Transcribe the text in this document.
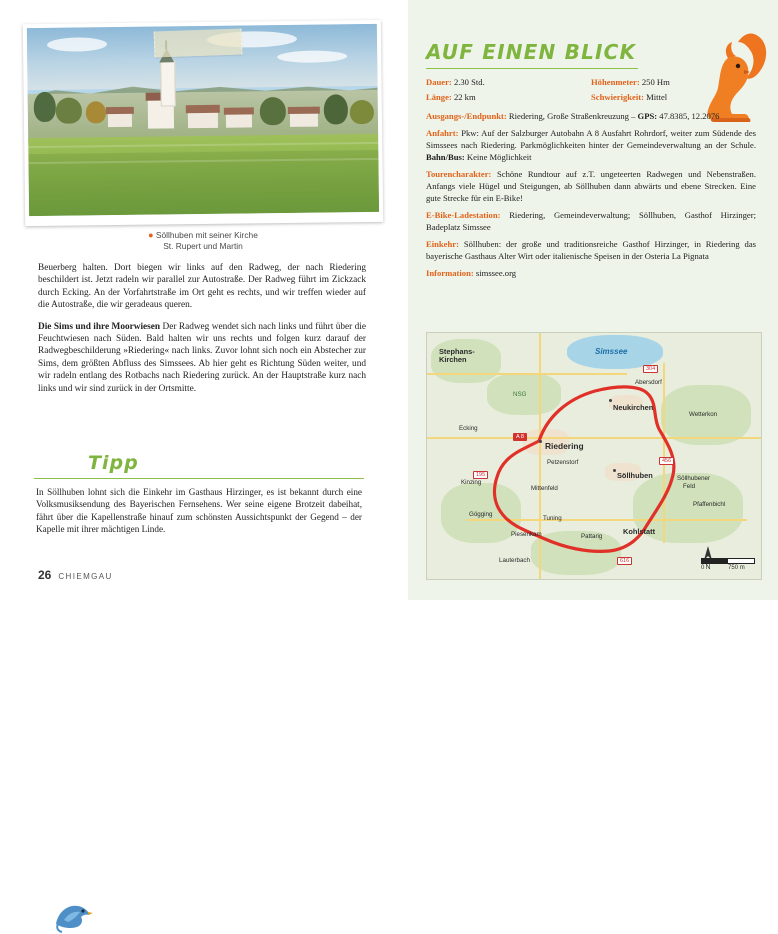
● Söllhuben mit seiner Kirche
St. Rupert und Martin

Beuerberg halten. Dort biegen wir links auf den Radweg, der nach Riedering beschildert ist. Jetzt radeln wir parallel zur Autostraße. Der Radweg führt im Zickzack durch Ecking. An der Vorfahrtstraße im Ort geht es rechts, und wir treffen wieder auf die Autostraße, die wir geradeaus queren.

Die Sims und ihre Moorwiesen Der Radweg wendet sich nach links und führt über die Feuchtwiesen nach Süden. Bald halten wir uns rechts und folgen kurz darauf der Radwegbeschilderung »Riedering« nach links. Zuvor lohnt sich noch ein Abstecher zur Sims, dem größten Abfluss des Simssees. Ab hier geht es Richtung Süden weiter, und wir radeln entlang des Rotbachs nach Riedering zurück. An der Hauptstraße kurz nach links und wir sind zurück in der Ortsmitte.

Tipp
In Söllhuben lohnt sich die Einkehr im Gasthaus Hirzinger, es ist bekannt durch eine Volksmusiksendung des Bayerischen Fernsehens. Wer seine eigene Brotzeit dabeihat, fährt über die Kapellenstraße hinauf zum schönsten Aussichtspunkt der Gegend – der Kapelle mit ihrer mächtigen Linde.
26 CHIEMGAU
AUF EINEN BLICK
Dauer: 2.30 Std.	Höhenmeter: 250 Hm
Länge: 22 km	Schwierigkeit: Mittel

Ausgangs-/Endpunkt: Riedering, Große Straßenkreuzung – GPS: 47.8385, 12.2076

Anfahrt: Pkw: Auf der Salzburger Autobahn A 8 Ausfahrt Rohrdorf, weiter zum Südende des Simssees nach Riedering. Parkmöglichkeiten hinter der Gemeindeverwaltung an der Schule. Bahn/Bus: Keine Möglichkeit

Tourencharakter: Schöne Rundtour auf z.T. ungeteerten Radwegen und Nebenstraßen. Anfangs viele Hügel und Steigungen, ab Söllhuben dann abwärts und ebene Strecken. Eine gute Strecke für ein E-Bike!

E-Bike-Ladestation: Riedering, Gemeindeverwaltung; Söllhuben, Gasthof Hirzinger; Badeplatz Simssee

Einkehr: Söllhuben: der große und traditionsreiche Gasthof Hirzinger, in Riedering das bayerische Gasthaus Alter Wirt oder italienische Speisen in der Osteria La Pignata

Information: simssee.org

A 8
304
456
195
616
Stephans-
Kirchen
Simssee
Abersdorf
Neukirchen
Wetterkon
Riedering
Söllhuben	Söllhubener
Feld
Pfaffenbichl
Mittenfeld
Petzenstorf
Gögging
Tuning
Piesenkam	Pattarig
Kohlstatt
Lauterbach
Kinzing
NSG
Ecking
N
0	750 m
